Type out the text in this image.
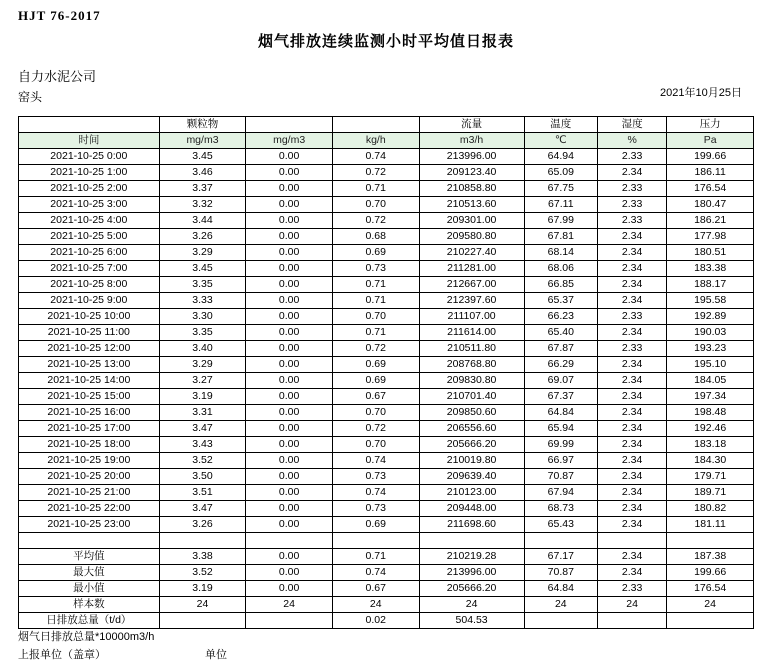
HJT 76-2017
烟气排放连续监测小时平均值日报表
自力水泥公司
窑头	2021年10月25日
	颗粒物			流量	温度	湿度	压力
时间	mg/m3	mg/m3	kg/h	m3/h	℃	%	Pa
2021-10-25 0:00	3.45	0.00	0.74	213996.00	64.94	2.33	199.66
2021-10-25 1:00	3.46	0.00	0.72	209123.40	65.09	2.34	186.11
2021-10-25 2:00	3.37	0.00	0.71	210858.80	67.75	2.33	176.54
2021-10-25 3:00	3.32	0.00	0.70	210513.60	67.11	2.33	180.47
2021-10-25 4:00	3.44	0.00	0.72	209301.00	67.99	2.33	186.21
2021-10-25 5:00	3.26	0.00	0.68	209580.80	67.81	2.34	177.98
2021-10-25 6:00	3.29	0.00	0.69	210227.40	68.14	2.34	180.51
2021-10-25 7:00	3.45	0.00	0.73	211281.00	68.06	2.34	183.38
2021-10-25 8:00	3.35	0.00	0.71	212667.00	66.85	2.34	188.17
2021-10-25 9:00	3.33	0.00	0.71	212397.60	65.37	2.34	195.58
2021-10-25 10:00	3.30	0.00	0.70	211107.00	66.23	2.33	192.89
2021-10-25 11:00	3.35	0.00	0.71	211614.00	65.40	2.34	190.03
2021-10-25 12:00	3.40	0.00	0.72	210511.80	67.87	2.33	193.23
2021-10-25 13:00	3.29	0.00	0.69	208768.80	66.29	2.34	195.10
2021-10-25 14:00	3.27	0.00	0.69	209830.80	69.07	2.34	184.05
2021-10-25 15:00	3.19	0.00	0.67	210701.40	67.37	2.34	197.34
2021-10-25 16:00	3.31	0.00	0.70	209850.60	64.84	2.34	198.48
2021-10-25 17:00	3.47	0.00	0.72	206556.60	65.94	2.34	192.46
2021-10-25 18:00	3.43	0.00	0.70	205666.20	69.99	2.34	183.18
2021-10-25 19:00	3.52	0.00	0.74	210019.80	66.97	2.34	184.30
2021-10-25 20:00	3.50	0.00	0.73	209639.40	70.87	2.34	179.71
2021-10-25 21:00	3.51	0.00	0.74	210123.00	67.94	2.34	189.71
2021-10-25 22:00	3.47	0.00	0.73	209448.00	68.73	2.34	180.82
2021-10-25 23:00	3.26	0.00	0.69	211698.60	65.43	2.34	181.11

平均值	3.38	0.00	0.71	210219.28	67.17	2.34	187.38
最大值	3.52	0.00	0.74	213996.00	70.87	2.34	199.66
最小值	3.19	0.00	0.67	205666.20	64.84	2.33	176.54
样本数	24	24	24	24	24	24	24
日排放总量（t/d）			0.02	504.53			
烟气日排放总量*10000m3/h
上报单位（盖章）	单位
